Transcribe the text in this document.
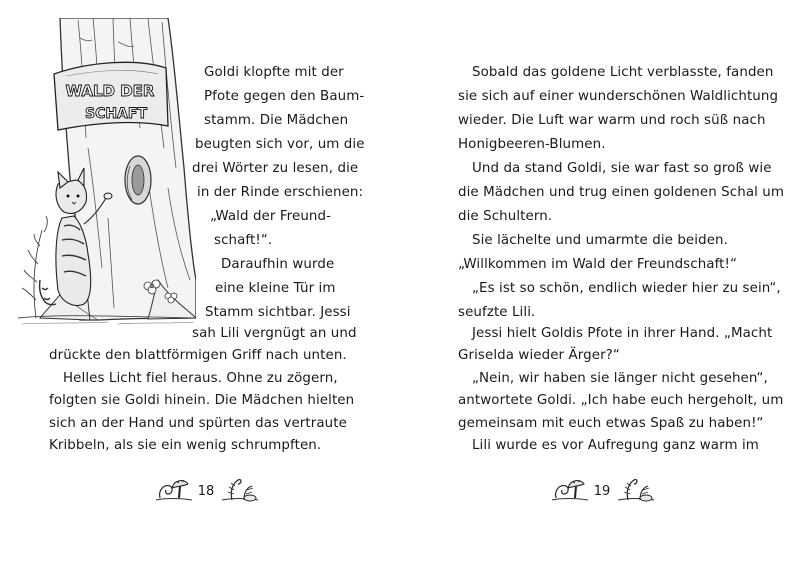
WALD DER
SCHAFT
Goldi klopfte mit der
Pfote gegen den Baum-
stamm. Die Mädchen
beugten sich vor, um die
drei Wörter zu lesen, die
in der Rinde erschienen:
„Wald der Freund-
schaft!“.
Daraufhin wurde
eine kleine Tür im
Stamm sichtbar. Jessi
sah Lili vergnügt an und
drückte den blattförmigen Griff nach unten.
Helles Licht fiel heraus. Ohne zu zögern,
folgten sie Goldi hinein. Die Mädchen hielten
sich an der Hand und spürten das vertraute
Kribbeln, als sie ein wenig schrumpften.
18
Sobald das goldene Licht verblasste, fanden
sie sich auf einer wunderschönen Waldlichtung
wieder. Die Luft war warm und roch süß nach
Honigbeeren-Blumen.
Und da stand Goldi, sie war fast so groß wie
die Mädchen und trug einen goldenen Schal um
die Schultern.
Sie lächelte und umarmte die beiden.
„Willkommen im Wald der Freundschaft!“
„Es ist so schön, endlich wieder hier zu sein“,
seufzte Lili.
Jessi hielt Goldis Pfote in ihrer Hand. „Macht
Griselda wieder Ärger?“
„Nein, wir haben sie länger nicht gesehen“,
antwortete Goldi. „Ich habe euch hergeholt, um
gemeinsam mit euch etwas Spaß zu haben!“
Lili wurde es vor Aufregung ganz warm im
19
